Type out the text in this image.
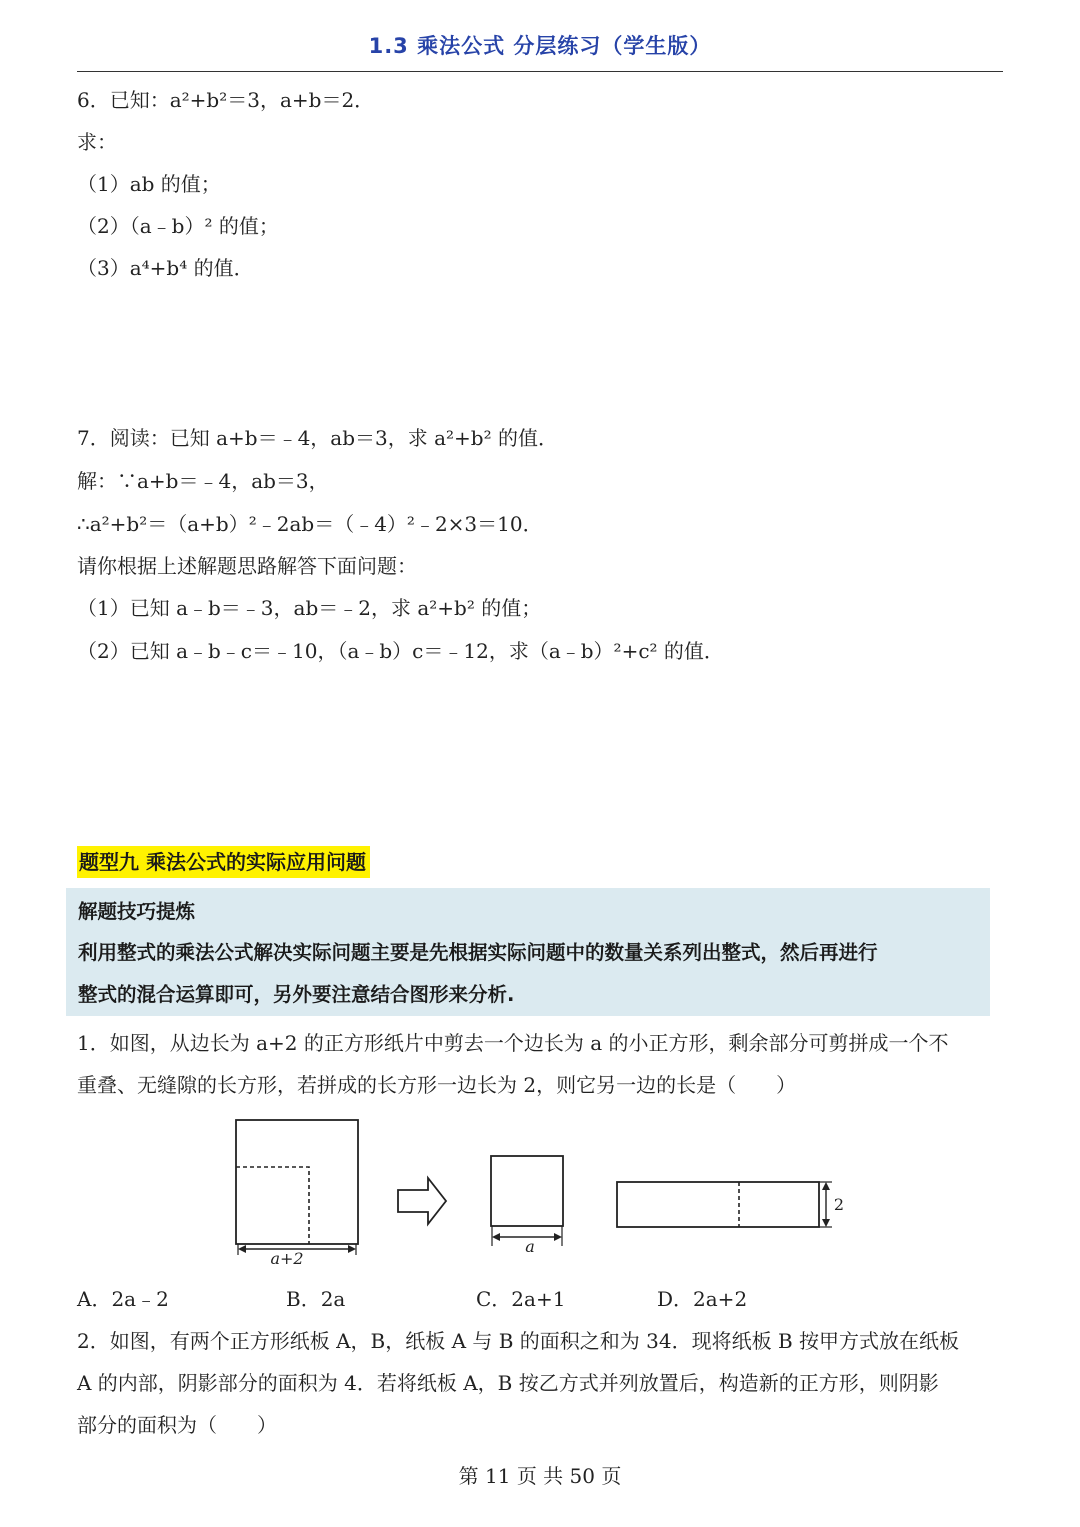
1.3 乘法公式 分层练习（学生版）
6．已知：a²+b²＝3，a+b＝2．
求：
（1）ab 的值；
（2）（a﹣b）² 的值；
（3）a⁴+b⁴ 的值．
7．阅读：已知 a+b＝﹣4，ab＝3，求 a²+b² 的值．
解：∵a+b＝﹣4，ab＝3，
∴a²+b²＝（a+b）²﹣2ab＝（﹣4）²﹣2×3＝10．
请你根据上述解题思路解答下面问题：
（1）已知 a﹣b＝﹣3，ab＝﹣2，求 a²+b² 的值；
（2）已知 a﹣b﹣c＝﹣10，（a﹣b）c＝﹣12，求（a﹣b）²+c² 的值．
题型九 乘法公式的实际应用问题
解题技巧提炼
利用整式的乘法公式解决实际问题主要是先根据实际问题中的数量关系列出整式，然后再进行
整式的混合运算即可，另外要注意结合图形来分析.
1．如图，从边长为 a+2 的正方形纸片中剪去一个边长为 a 的小正方形，剩余部分可剪拼成一个不
重叠、无缝隙的长方形，若拼成的长方形一边长为 2，则它另一边的长是（　　）
a+2
a
2
A．2a﹣2	B．2a	C．2a+1	D．2a+2
2．如图，有两个正方形纸板 A，B，纸板 A 与 B 的面积之和为 34．现将纸板 B 按甲方式放在纸板
A 的内部，阴影部分的面积为 4．若将纸板 A，B 按乙方式并列放置后，构造新的正方形，则阴影
部分的面积为（　　）
第 11 页 共 50 页
